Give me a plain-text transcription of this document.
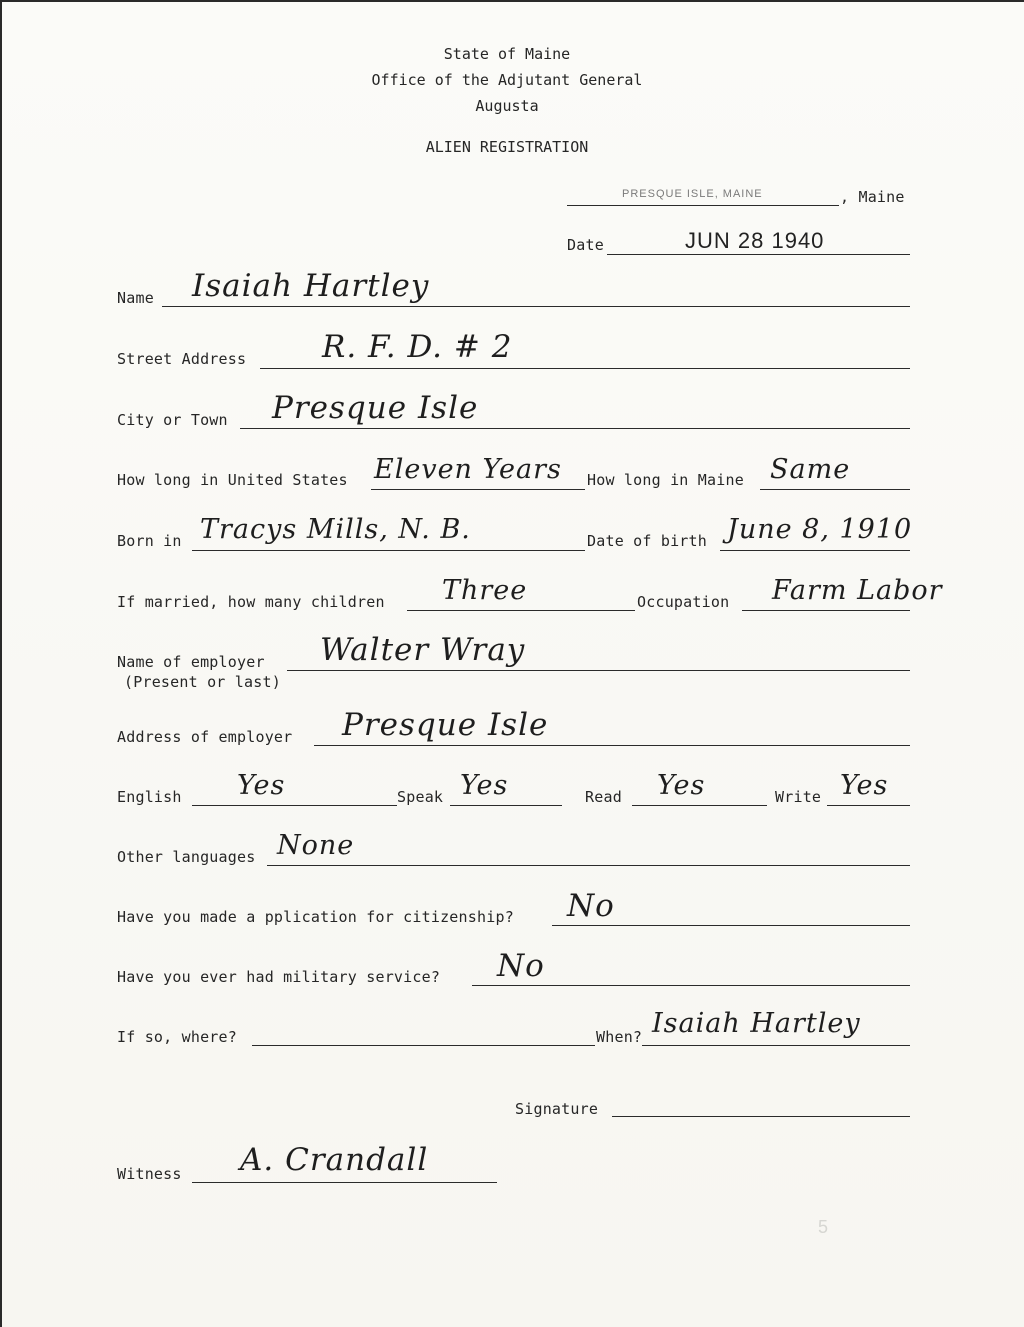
State of Maine
Office of the Adjutant General
Augusta
ALIEN REGISTRATION
PRESQUE ISLE, MAINE	, Maine
Date	JUN 28 1940
Name Isaiah Hartley
Street Address R. F. D. # 2
City or Town Presque Isle
How long in United States Eleven Years How long in Maine Same
Born in Tracys Mills, N. B.	Date of birth June 8, 1910
If married, how many children Three	Occupation Farm Labor
Name of employer
(Present or last)
Walter Wray
Address of employer Presque Isle
English Yes	Speak Yes	Read Yes	Write Yes
Other languages None
Have you made a pplication for citizenship? No
Have you ever had military service? No
If so, where?	When? Isaiah Hartley
Signature
Witness A. Crandall
5
